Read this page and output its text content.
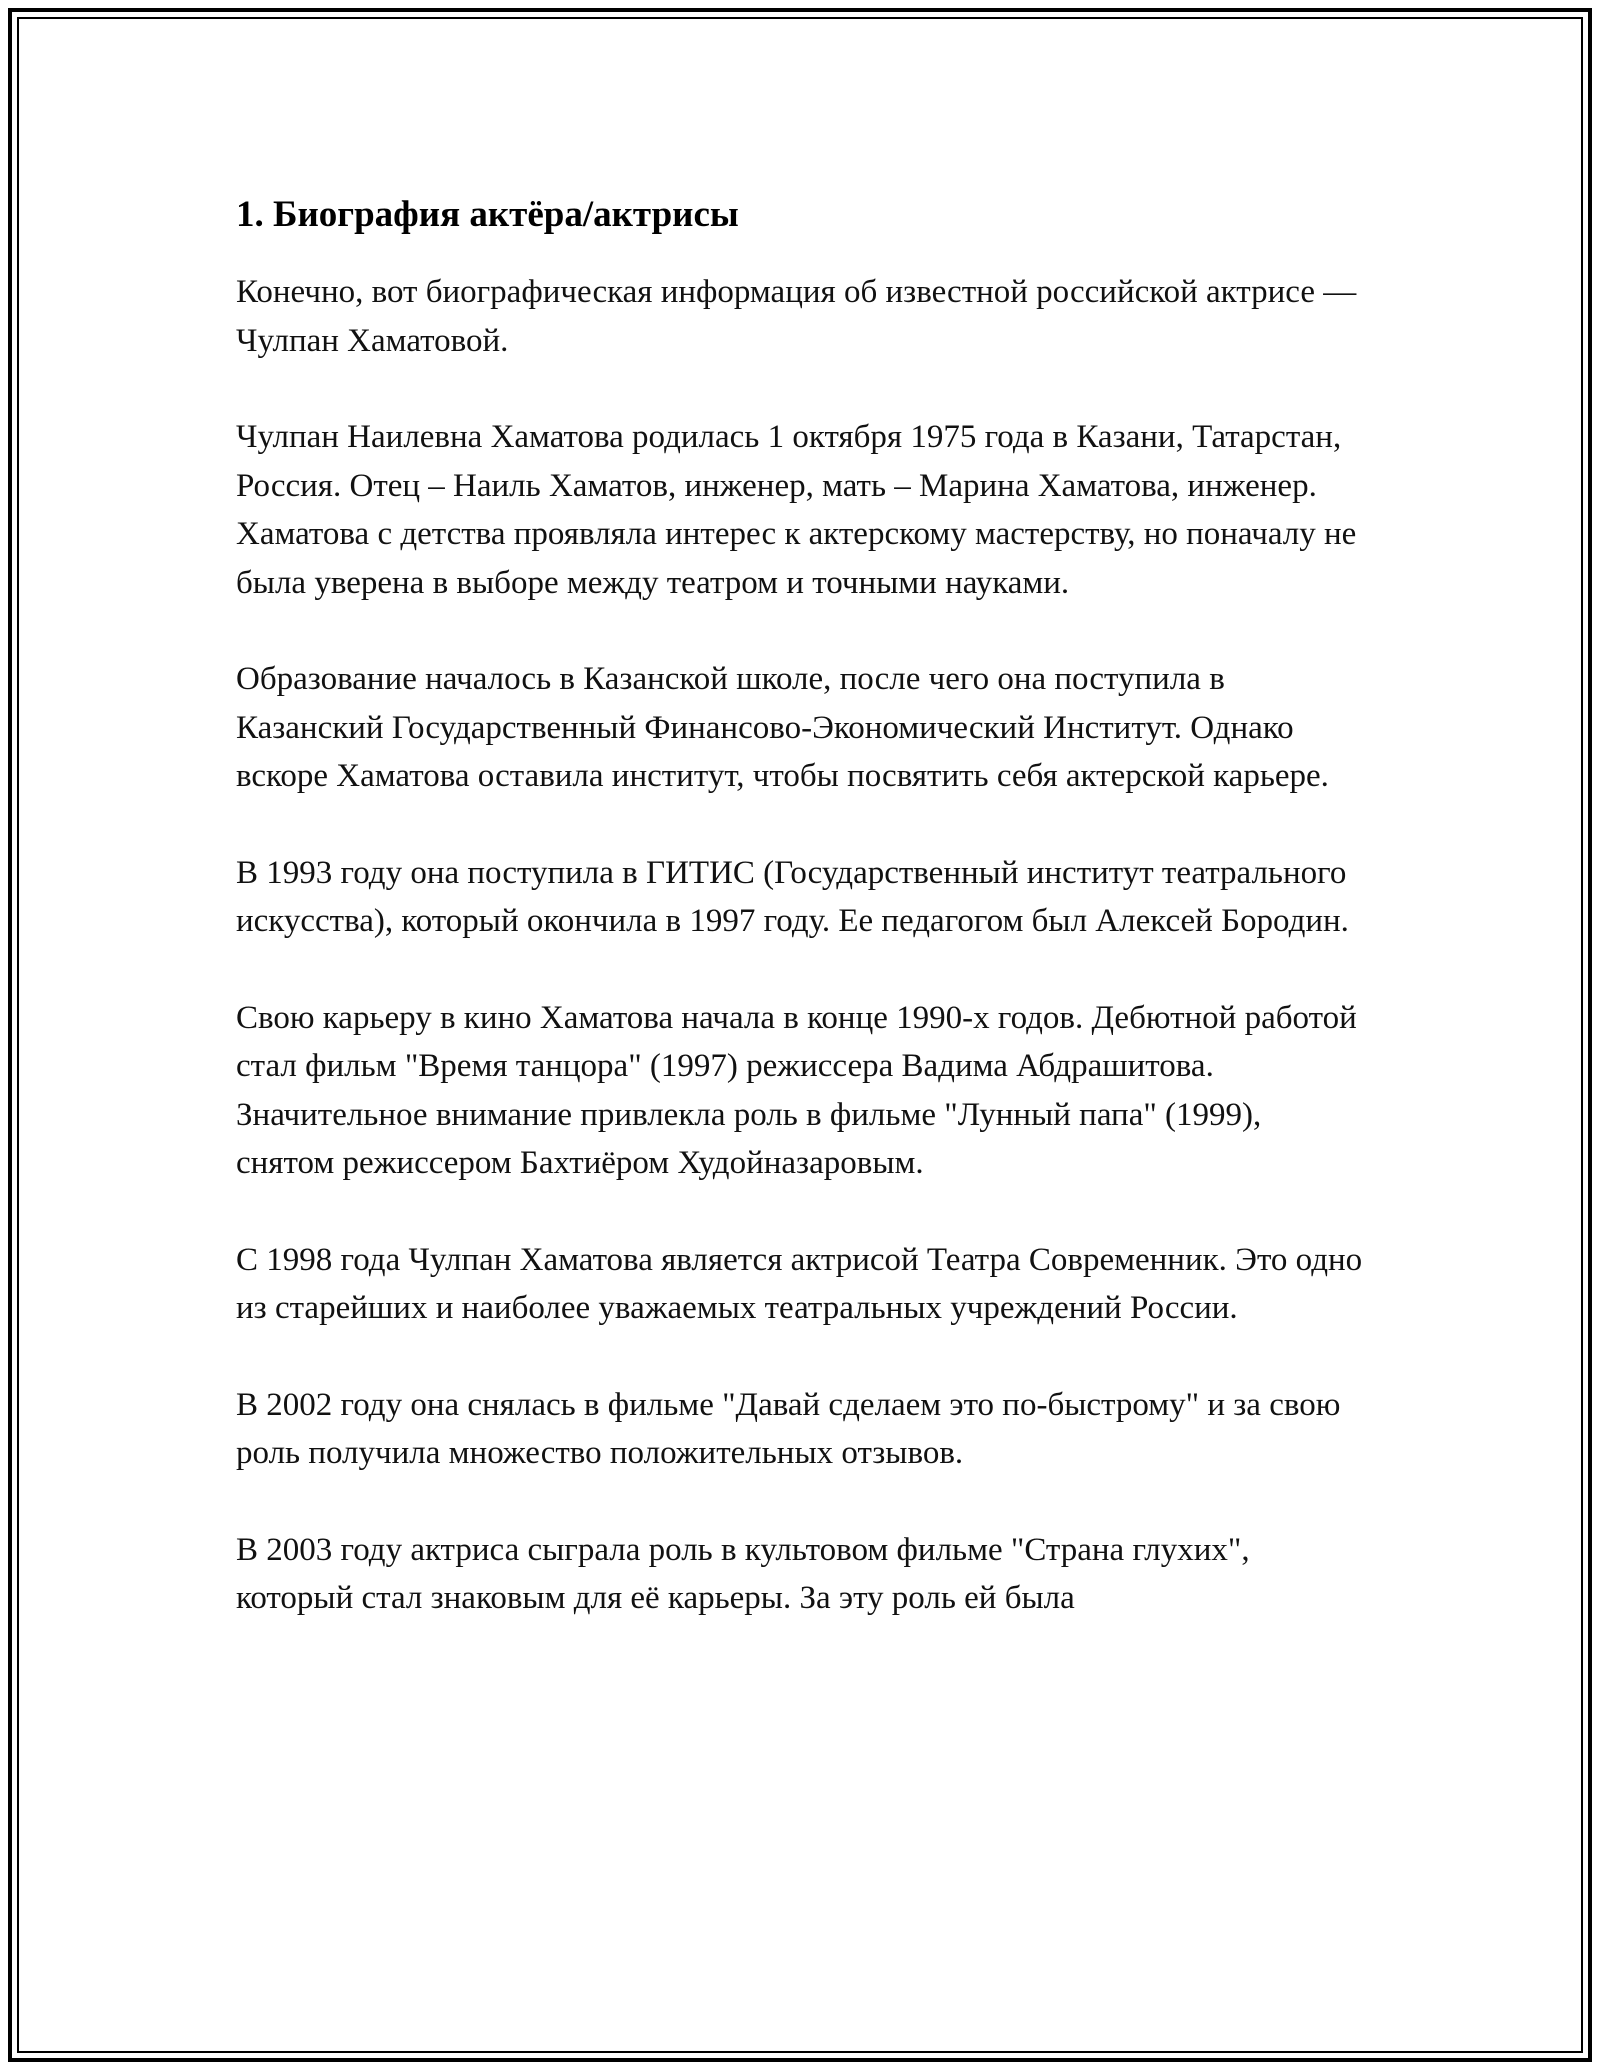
1. Биография актёра/актрисы

Конечно, вот биографическая информация об известной российской актрисе — Чулпан Хаматовой.

Чулпан Наилевна Хаматова родилась 1 октября 1975 года в Казани, Татарстан, Россия. Отец – Наиль Хаматов, инженер, мать – Марина Хаматова, инженер. Хаматова с детства проявляла интерес к актерскому мастерству, но поначалу не была уверена в выборе между театром и точными науками.

Образование началось в Казанской школе, после чего она поступила в Казанский Государственный Финансово-Экономический Институт. Однако вскоре Хаматова оставила институт, чтобы посвятить себя актерской карьере.

В 1993 году она поступила в ГИТИС (Государственный институт театрального искусства), который окончила в 1997 году. Ее педагогом был Алексей Бородин.

Свою карьеру в кино Хаматова начала в конце 1990-х годов. Дебютной работой стал фильм "Время танцора" (1997) режиссера Вадима Абдрашитова. Значительное внимание привлекла роль в фильме "Лунный папа" (1999), снятом режиссером Бахтиёром Худойназаровым.

С 1998 года Чулпан Хаматова является актрисой Театра Современник. Это одно из старейших и наиболее уважаемых театральных учреждений России.

В 2002 году она снялась в фильме "Давай сделаем это по-быстрому" и за свою роль получила множество положительных отзывов.

В 2003 году актриса сыграла роль в культовом фильме "Страна глухих", который стал знаковым для её карьеры. За эту роль ей была
